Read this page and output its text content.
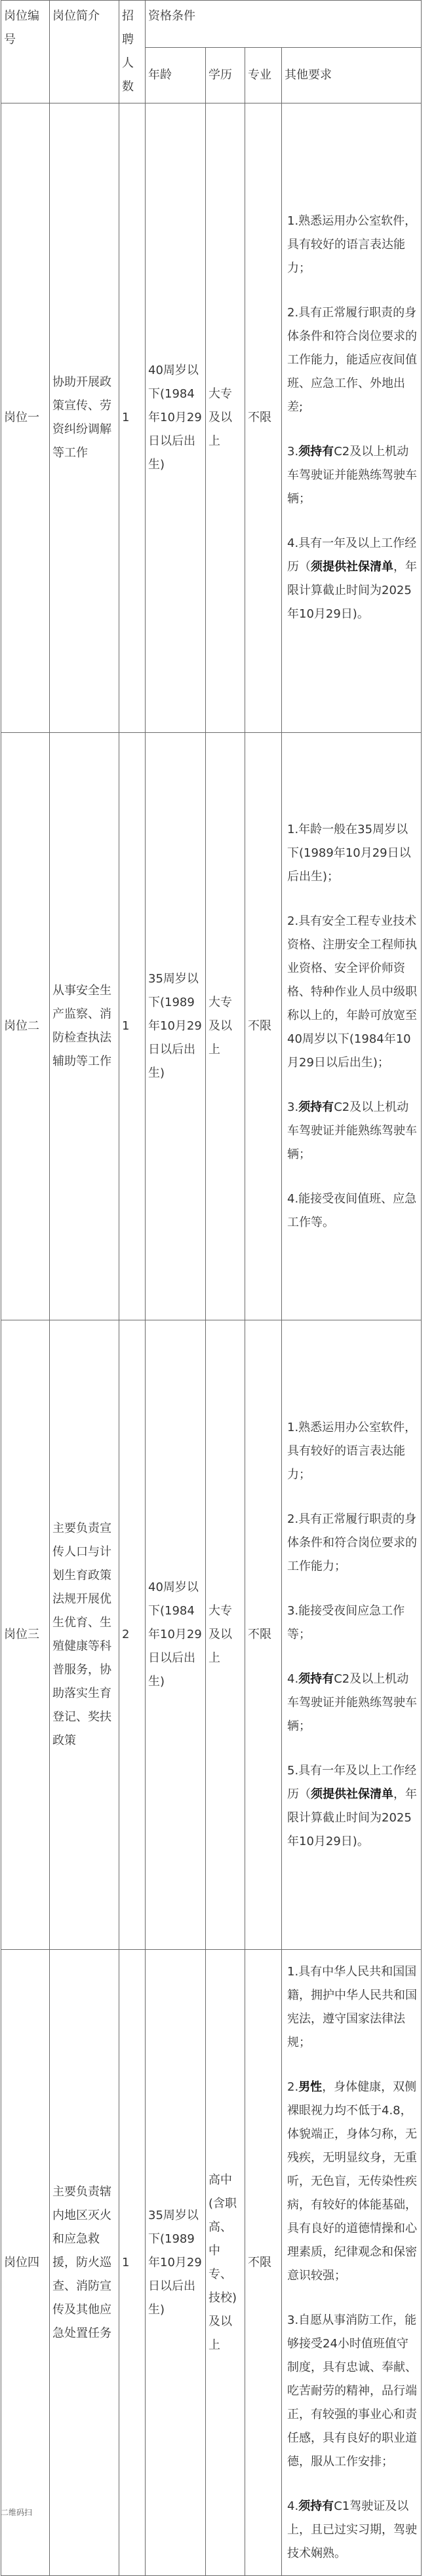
岗位编号	岗位简介	招聘人数	资格条件			
			年龄	学历	专业	其他要求
岗位一	协助开展政策宣传、劳资纠纷调解等工作	1	40周岁以下(1984年10月29日以后出生)	大专及以上	不限	1.熟悉运用办公室软件，具有较好的语言表达能力；

2.具有正常履行职责的身体条件和符合岗位要求的工作能力，能适应夜间值班、应急工作、外地出差;

3.须持有C2及以上机动车驾驶证并能熟练驾驶车辆；

4.具有一年及以上工作经历（须提供社保清单，年限计算截止时间为2025年10月29日)。

岗位二	从事安全生产监察、消防检查执法辅助等工作	1	35周岁以下(1989年10月29日以后出生)	大专及以上	不限	1.年龄一般在35周岁以下(1989年10月29日以后出生)；

2.具有安全工程专业技术资格、注册安全工程师执业资格、安全评价师资格、特种作业人员中级职称以上的，年龄可放宽至40周岁以下(1984年10月29日以后出生)；

3.须持有C2及以上机动车驾驶证并能熟练驾驶车辆；

4.能接受夜间值班、应急工作等。

岗位三	主要负责宣传人口与计划生育政策法规开展优生优育、生殖健康等科普服务，协助落实生育登记、奖扶政策	2	40周岁以下(1984年10月29日以后出生)	大专及以上	不限	1.熟悉运用办公室软件，具有较好的语言表达能力；

2.具有正常履行职责的身体条件和符合岗位要求的工作能力；

3.能接受夜间应急工作等；

4.须持有C2及以上机动车驾驶证并能熟练驾驶车辆；

5.具有一年及以上工作经历（须提供社保清单，年限计算截止时间为2025年10月29日)。

岗位四	主要负责辖内地区灭火和应急救援，防火巡查、消防宣传及其他应急处置任务	1	35周岁以下(1989年10月29日以后出生)	高中(含职高、中专、技校)及以上	不限	1.具有中华人民共和国国籍，拥护中华人民共和国宪法，遵守国家法律法规；

2.男性，身体健康，双侧裸眼视力均不低于4.8，体貌端正，身体匀称，无残疾，无明显纹身，无重听，无色盲，无传染性疾病，有较好的体能基础，具有良好的道德情操和心理素质，纪律观念和保密意识较强；

3.自愿从事消防工作，能够接受24小时值班值守制度，具有忠诚、奉献、吃苦耐劳的精神，品行端正，有较强的事业心和责任感，具有良好的职业道德，服从工作安排；

4.须持有C1驾驶证及以上，且已过实习期，驾驶技术娴熟。

二维码扫
